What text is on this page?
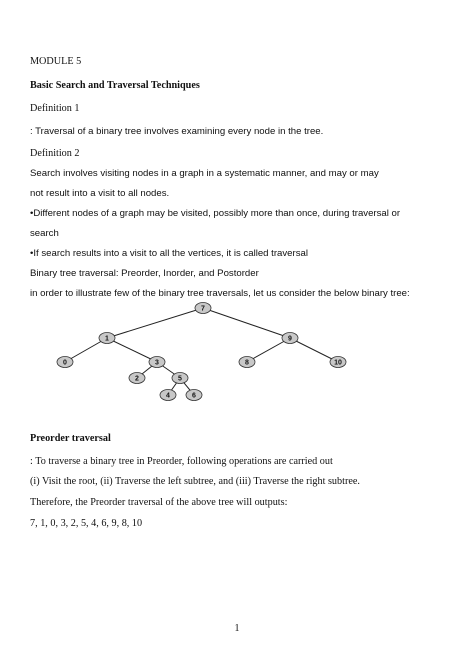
MODULE 5
Basic Search and Traversal Techniques
Definition 1
: Traversal of a binary tree involves examining every node in the tree.
Definition 2
Search involves visiting nodes in a graph in a systematic manner, and may or may
not result into a visit to all nodes.
•Different nodes of a graph may be visited, possibly more than once, during traversal or
search
•If search results into a visit to all the vertices, it is called traversal
Binary tree traversal: Preorder, Inorder, and Postorder
in order to illustrate few of the binary tree traversals, let us consider the below binary tree:
7
1	9
0	3	8	10
2	5
4	6
Preorder traversal
: To traverse a binary tree in Preorder, following operations are carried out
(i) Visit the root, (ii) Traverse the left subtree, and (iii) Traverse the right subtree.
Therefore, the Preorder traversal of the above tree will outputs:
7, 1, 0, 3, 2, 5, 4, 6, 9, 8, 10
1
